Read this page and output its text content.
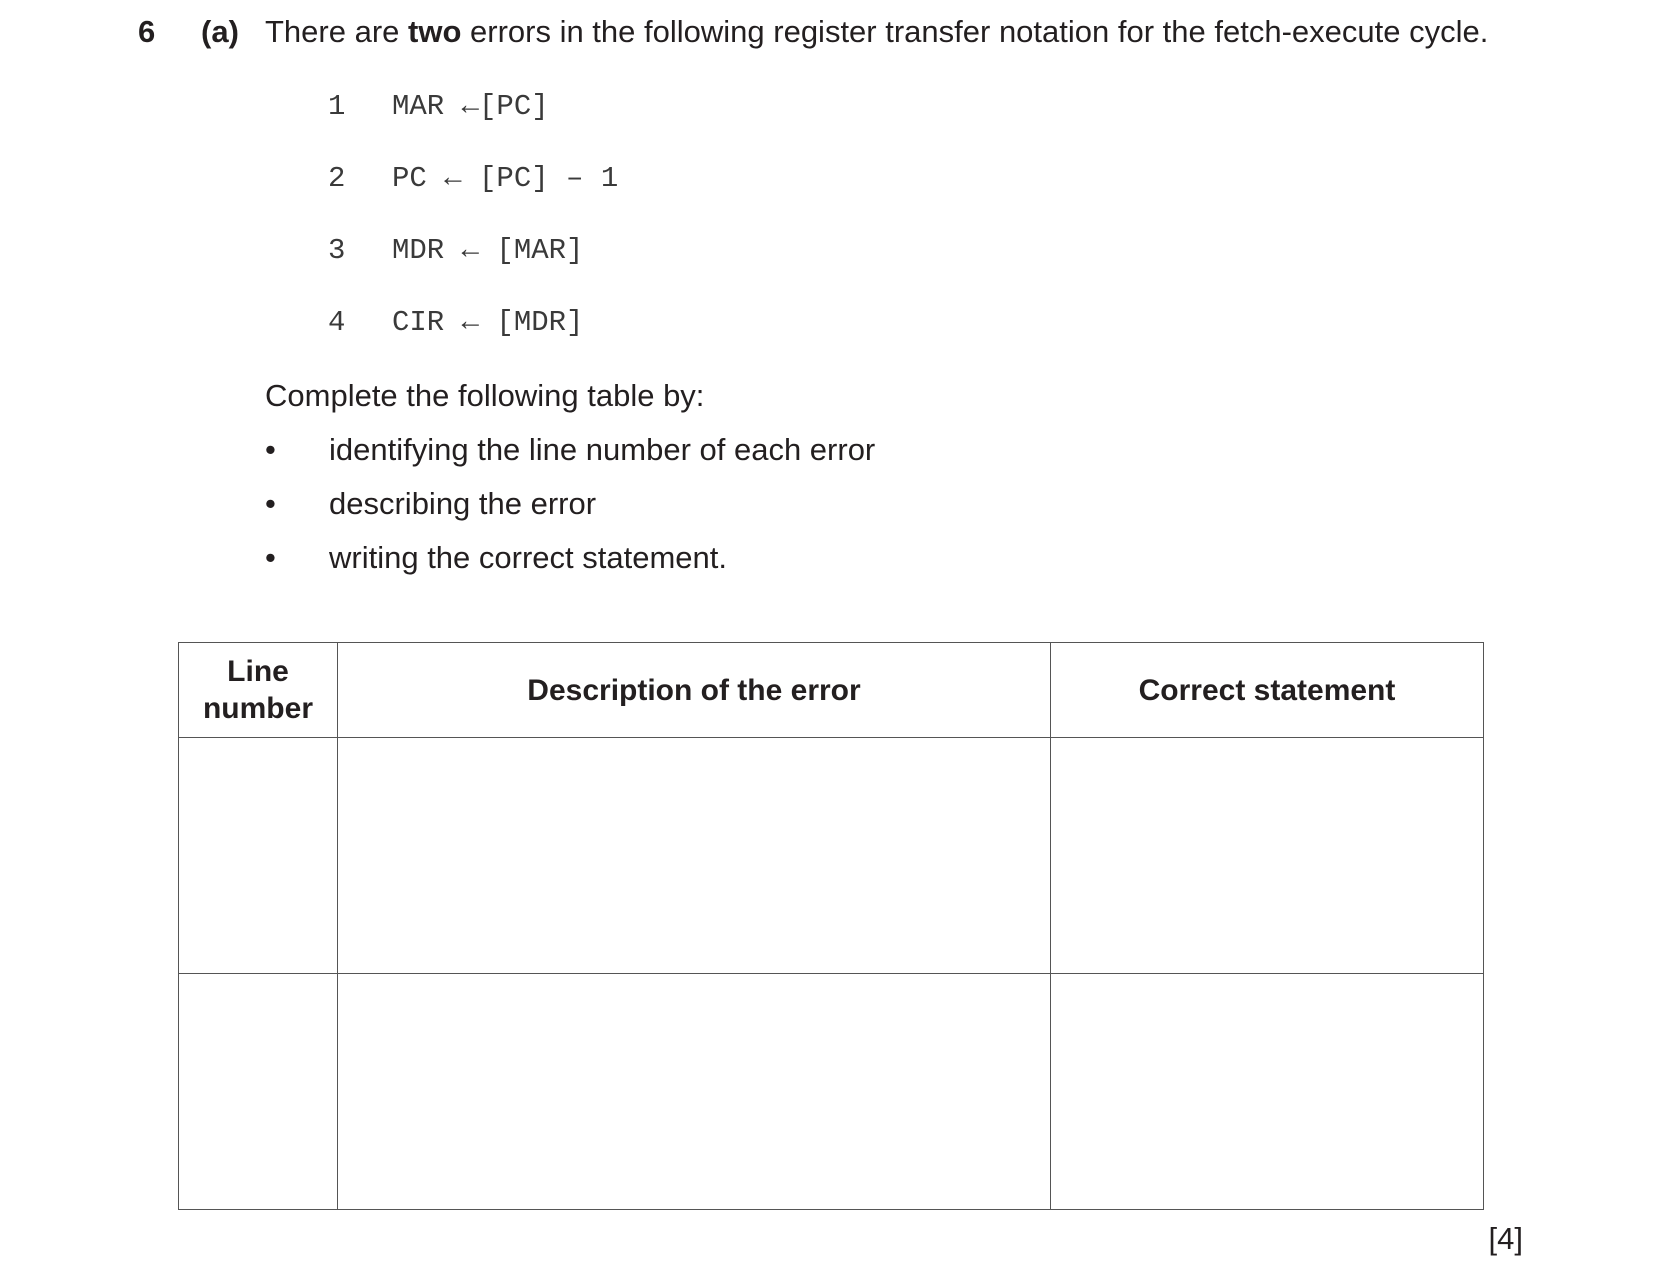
6 (a) There are two errors in the following register transfer notation for the fetch-execute cycle.
1 MAR ←[PC]
2 PC ← [PC] – 1
3 MDR ← [MAR]
4 CIR ← [MDR]
Complete the following table by:
• identifying the line number of each error
• describing the error
• writing the correct statement.
Line
number	Description of the error	Correct statement

[4]
